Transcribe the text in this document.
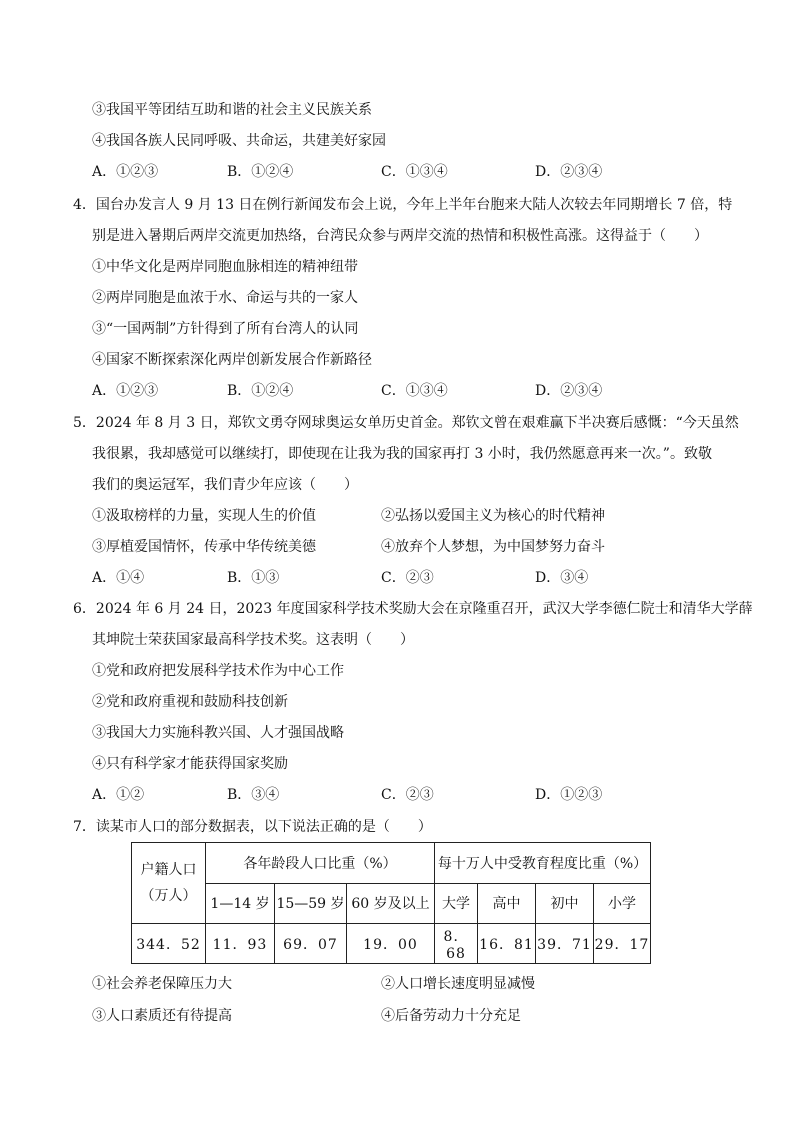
③我国平等团结互助和谐的社会主义民族关系
④我国各族人民同呼吸、共命运，共建美好家园
A．①②③	B．①②④	C．①③④	D．②③④
4．国台办发言人 9 月 13 日在例行新闻发布会上说，今年上半年台胞来大陆人次较去年同期增长 7 倍，特
别是进入暑期后两岸交流更加热络，台湾民众参与两岸交流的热情和积极性高涨。这得益于（　　）
①中华文化是两岸同胞血脉相连的精神纽带
②两岸同胞是血浓于水、命运与共的一家人
③“一国两制”方针得到了所有台湾人的认同
④国家不断探索深化两岸创新发展合作新路径
A．①②③	B．①②④	C．①③④	D．②③④
5．2024 年 8 月 3 日，郑钦文勇夺网球奥运女单历史首金。郑钦文曾在艰难赢下半决赛后感慨：“今天虽然
我很累，我却感觉可以继续打，即使现在让我为我的国家再打 3 小时，我仍然愿意再来一次。”。致敬
我们的奥运冠军，我们青少年应该（　　）
①汲取榜样的力量，实现人生的价值	②弘扬以爱国主义为核心的时代精神
③厚植爱国情怀，传承中华传统美德	④放弃个人梦想，为中国梦努力奋斗
A．①④	B．①③	C．②③	D．③④
6．2024 年 6 月 24 日，2023 年度国家科学技术奖励大会在京隆重召开，武汉大学李德仁院士和清华大学薛
其坤院士荣获国家最高科学技术奖。这表明（　　）
①党和政府把发展科学技术作为中心工作
②党和政府重视和鼓励科技创新
③我国大力实施科教兴国、人才强国战略
④只有科学家才能获得国家奖励
A．①②	B．③④	C．②③	D．①②③
7．读某市人口的部分数据表，以下说法正确的是（　　）
户籍人口
（万人）	各年龄段人口比重（%）			每十万人中受教育程度比重（%）			
	1—14 岁	15—59 岁	60 岁及以上	大学	高中	初中	小学
344．52	11．93	69．07	19．00	8．68	16．81	39．71	29．17
①社会养老保障压力大	②人口增长速度明显减慢
③人口素质还有待提高	④后备劳动力十分充足
